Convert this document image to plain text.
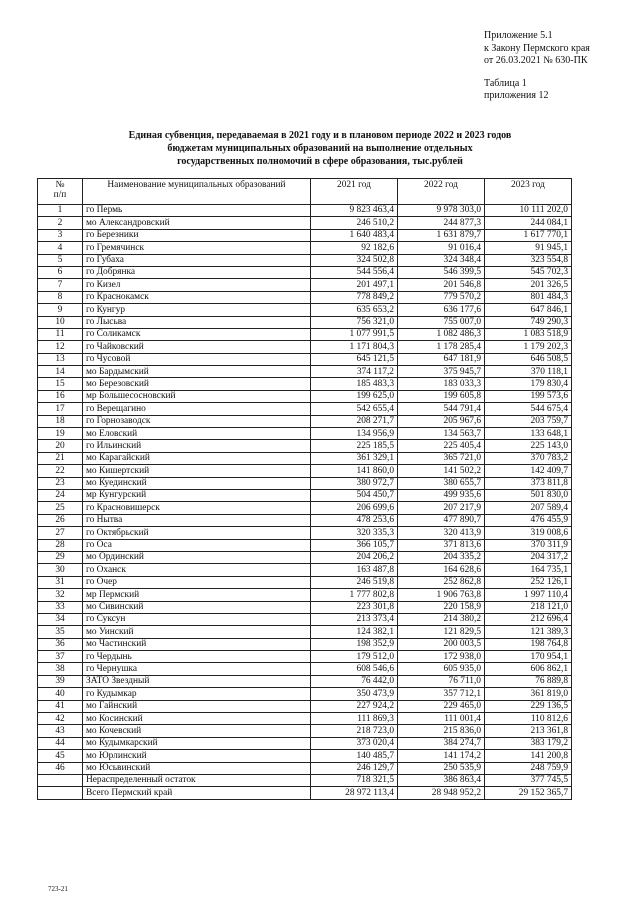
Приложение 5.1
к Закону Пермского края
от 26.03.2021 № 630-ПК
Таблица 1
приложения 12
Единая субвенция, передаваемая в 2021 году и в плановом периоде 2022 и 2023 годов
бюджетам муниципальных образований на выполнение отдельных
государственных полномочий в сфере образования, тыс.рублей
№
п/п	Наименование муниципальных образований	2021 год	2022 год	2023 год
1	го Пермь	9 823 463,4	9 978 303,0	10 111 202,0
2	мо Александровский	246 510,2	244 877,3	244 084,1
3	го Березники	1 640 483,4	1 631 879,7	1 617 770,1
4	го Гремячинск	92 182,6	91 016,4	91 945,1
5	го Губаха	324 502,8	324 348,4	323 554,8
6	го Добрянка	544 556,4	546 399,5	545 702,3
7	го Кизел	201 497,1	201 546,8	201 326,5
8	го Краснокамск	778 849,2	779 570,2	801 484,3
9	го Кунгур	635 653,2	636 177,6	647 846,1
10	го Лысьва	756 321,0	755 007,0	749 290,3
11	го Соликамск	1 077 991,5	1 082 486,3	1 083 518,9
12	го Чайковский	1 171 804,3	1 178 285,4	1 179 202,3
13	го Чусовой	645 121,5	647 181,9	646 508,5
14	мо Бардымский	374 117,2	375 945,7	370 118,1
15	мо Березовский	185 483,3	183 033,3	179 830,4
16	мр Большесосновский	199 625,0	199 605,8	199 573,6
17	го Верещагино	542 655,4	544 791,4	544 675,4
18	го Горнозаводск	208 271,7	205 967,6	203 759,7
19	мо Еловский	134 956,9	134 563,7	133 648,1
20	го Ильинский	225 185,5	225 405,4	225 143,0
21	мо Карагайский	361 329,1	365 721,0	370 783,2
22	мо Кишертский	141 860,0	141 502,2	142 409,7
23	мо Куединский	380 972,7	380 655,7	373 811,8
24	мр Кунгурский	504 450,7	499 935,6	501 830,0
25	го Красновишерск	206 699,6	207 217,9	207 589,4
26	го Нытва	478 253,6	477 890,7	476 455,9
27	го Октябрьский	320 335,3	320 413,9	319 008,6
28	го Оса	366 105,7	371 813,6	370 311,9
29	мо Ординский	204 206,2	204 335,2	204 317,2
30	го Оханск	163 487,8	164 628,6	164 735,1
31	го Очер	246 519,8	252 862,8	252 126,1
32	мр Пермский	1 777 802,8	1 906 763,8	1 997 110,4
33	мо Сивинский	223 301,8	220 158,9	218 121,0
34	го Суксун	213 373,4	214 380,2	212 696,4
35	мо Уинский	124 382,1	121 829,5	121 389,3
36	мо Частинский	198 352,9	200 003,5	198 764,8
37	го Чердынь	179 512,0	172 938,0	170 954,1
38	го Чернушка	608 546,6	605 935,0	606 862,1
39	ЗАТО Звездный	76 442,0	76 711,0	76 889,8
40	го Кудымкар	350 473,9	357 712,1	361 819,0
41	мо Гайнский	227 924,2	229 465,0	229 136,5
42	мо Косинский	111 869,3	111 001,4	110 812,6
43	мо Кочевский	218 723,0	215 836,0	213 361,8
44	мо Кудымкарский	373 020,4	384 274,7	383 179,2
45	мо Юрлинский	140 485,7	141 174,2	141 200,8
46	мо Юсьвинский	246 129,7	250 535,9	248 759,9
	Нераспределенный остаток	718 321,5	386 863,4	377 745,5
	Всего Пермский край	28 972 113,4	28 948 952,2	29 152 365,7
723-21
